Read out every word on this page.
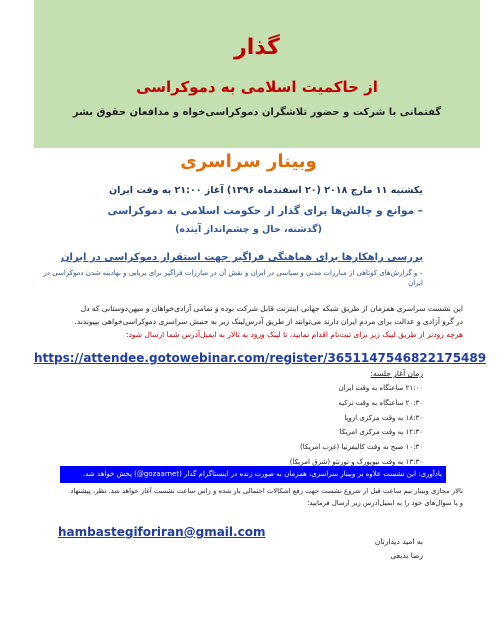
گذار
از حاکمیت اسلامی به دموکراسی
گفتمانی با شرکت و حضور تلاشگران دموکراسی‌خواه و مدافعان حقوق بشر
وبینار سراسری
یکشنبه ۱۱ مارچ ۲۰۱۸ (۲۰ اسفندماه ۱۳۹۶) آغاز ۲۱:۰۰ به وقت ایران
– موانع و چالش‌ها برای گذار از حکومت اسلامی به دموکراسی
(گذشته، حال و چشم‌انداز آینده)
بررسی راهکارها برای هماهنگی فراگیر جهت استقرار دموکراسی در ایران
– و گزارش‌های کوتاهی از مبارزات مدنی و سیاسی در ایران و نقش آن در مبارزات فراگیر برای پرپایی و نهادینه شدن دموکراسی در ایران
این نشست سراسری همزمان از طریق شبکه جهانی اینترنت قابل شرکت بوده و تمامی آزادی‌خواهان و میهن‌دوستانی که دل
در گرو آزادی و عدالت برای مردم ایران دارند می‌توانند از طریق آدرس‌لینک زیر به جنبش سراسری دموکراسی‌خواهی بپیوندند.
هرچه زودتر از طریق لینک زیر برای ثبت‌نام اقدام نمایید، تا لینک ورود به تالار به ایمیل‌آدرس شما ارسال شود:
https://attendee.gotowebinar.com/register/3651147546822175489
زمان آغاز جلسه:
۲۱:۰۰ ساعتگاه به وقت ایران
۲۰:۳۰ ساعتگاه به وقت ترکیه
۱۸:۳۰ به وقت مرکزی اروپا
۱۲:۳۰ به وقت مرکزی امریکا
۱۰:۳۰ صبح به وقت کالیفرنیا (غرب امریکا)
۱۳:۳۰ به وقت نیویورک و تورنتو (شرق امریکا)
یادآوری: این نشست علاوه بر وبینار سراسری، همزمان به صورت زنده در اینستاگرام گذار (gozaarnet@) پخش خواهد شد.
تالار مجازی وبینار نیم ساعت قبل از شروع نشست جهت رفع اشکالات احتمالی باز شده و راس ساعت نشست آغاز خواهد شد. نظر، پیشنهاد
و یا سوال‌های خود را به ایمیل‌آدرس زیر ارسال فرمایید:
hambastegiforiran@gmail.com
به امید دیدارتان
رضا بدیعی
